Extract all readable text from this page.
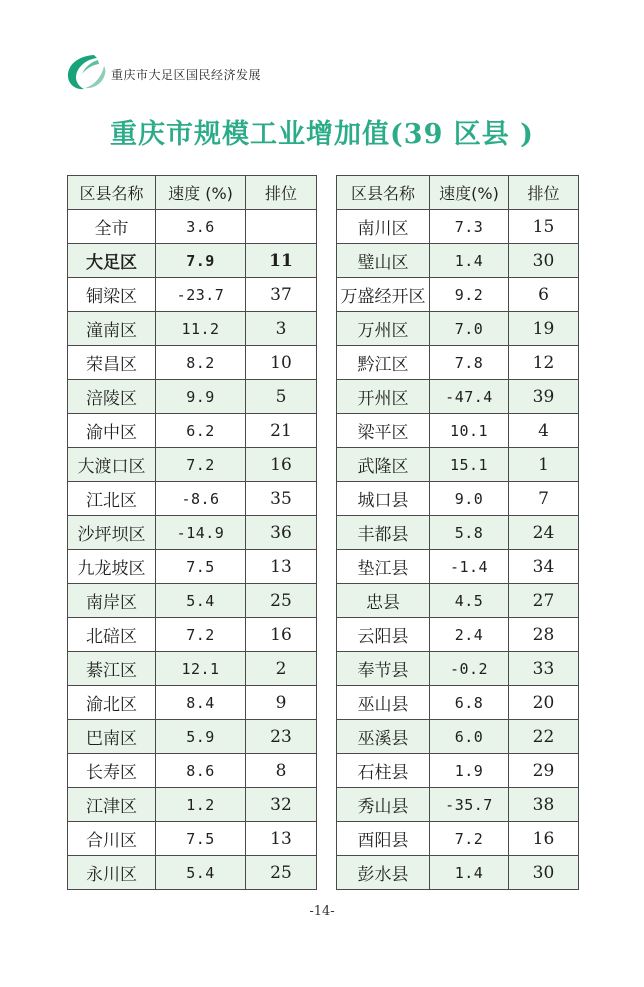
重庆市大足区国民经济发展
重庆市规模工业增加值(39 区县 )
区县名称	速度 (%)	排位
全市	3.6	
大足区	7.9	11
铜梁区	-23.7	37
潼南区	11.2	3
荣昌区	8.2	10
涪陵区	9.9	5
渝中区	6.2	21
大渡口区	7.2	16
江北区	-8.6	35
沙坪坝区	-14.9	36
九龙坡区	7.5	13
南岸区	5.4	25
北碚区	7.2	16
綦江区	12.1	2
渝北区	8.4	9
巴南区	5.9	23
长寿区	8.6	8
江津区	1.2	32
合川区	7.5	13
永川区	5.4	25
区县名称	速度(%)	排位
南川区	7.3	15
璧山区	1.4	30
万盛经开区	9.2	6
万州区	7.0	19
黔江区	7.8	12
开州区	-47.4	39
梁平区	10.1	4
武隆区	15.1	1
城口县	9.0	7
丰都县	5.8	24
垫江县	-1.4	34
忠县	4.5	27
云阳县	2.4	28
奉节县	-0.2	33
巫山县	6.8	20
巫溪县	6.0	22
石柱县	1.9	29
秀山县	-35.7	38
酉阳县	7.2	16
彭水县	1.4	30
-14-
